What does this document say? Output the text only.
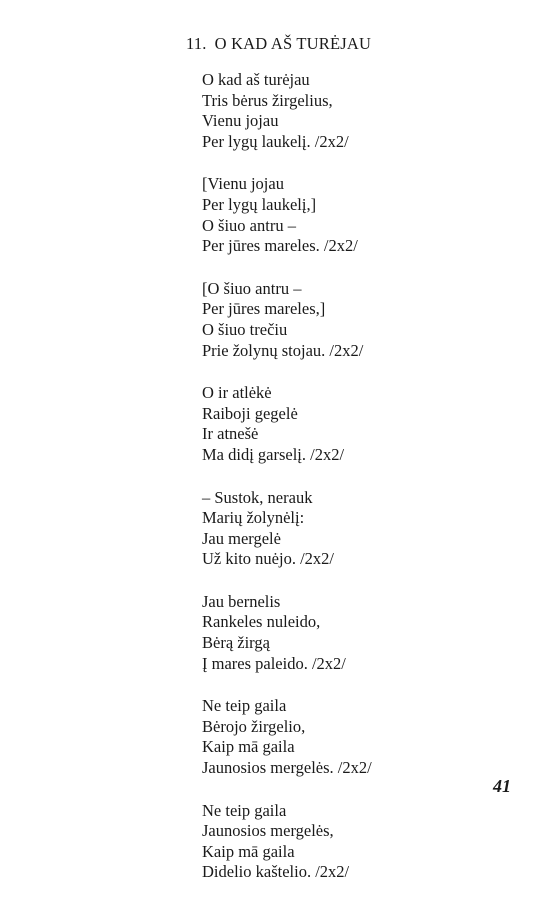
11. O KAD AŠ TURĖJAU
O kad aš turėjau
Tris bėrus žirgelius,
Vienu jojau
Per lygų laukelį. /2x2/
[Vienu jojau
Per lygų laukelį,]
O šiuo antru –
Per jūres mareles. /2x2/
[O šiuo antru –
Per jūres mareles,]
O šiuo trečiu
Prie žolynų stojau. /2x2/
O ir atlėkė
Raiboji gegelė
Ir atnešė
Ma didį garselį. /2x2/
– Sustok, nerauk
Marių žolynėlį:
Jau mergelė
Už kito nuėjo. /2x2/
Jau bernelis
Rankeles nuleido,
Bėrą žirgą
Į mares paleido. /2x2/
Ne teip gaila
Bėrojo žirgelio,
Kaip mā gaila
Jaunosios mergelės. /2x2/
Ne teip gaila
Jaunosios mergelės,
Kaip mā gaila
Didelio kaštelio. /2x2/
41
